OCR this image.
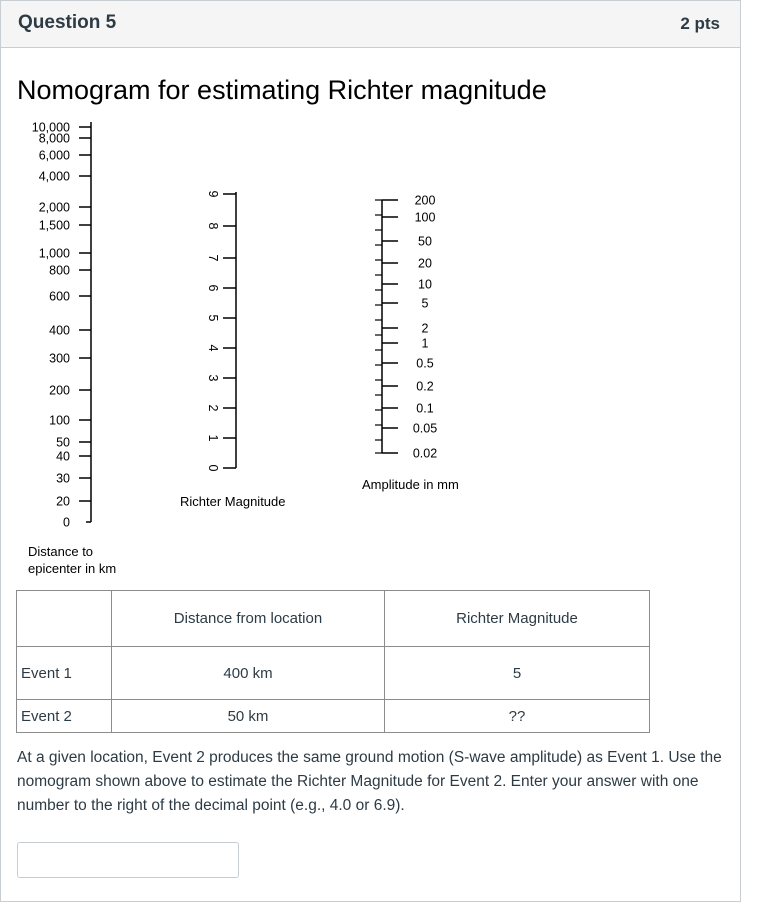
Question 5	2 pts
Nomogram for estimating Richter magnitude
10,000
8,000
6,000
4,000
2,000
1,500
1,000
800
600
400
300
200
100
50
40
30
20
0
9
8
7
6
5
4
3
2
1
0
200
100
50
20
10
5
2
1
0.5
0.2
0.1
0.05
0.02
Distance to
epicenter in km
Richter Magnitude
Amplitude in mm
	Distance from location	Richter Magnitude
Event 1	400 km	5
Event 2	50 km	??
At a given location, Event 2 produces the same ground motion (S-wave amplitude) as Event 1. Use the nomogram shown above to estimate the Richter Magnitude for Event 2. Enter your answer with one number to the right of the decimal point (e.g., 4.0 or 6.9).
